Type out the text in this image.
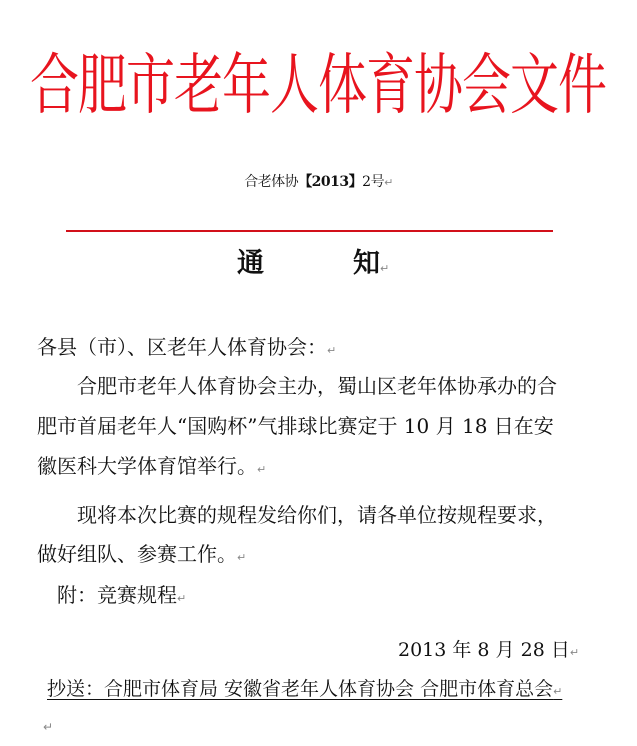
合肥市老年人体育协会文件
合老体协【2013】2号↵
通	知↵
各县（市）、区老年人体育协会：↵
合肥市老年人体育协会主办，蜀山区老年体协承办的合
肥市首届老年人“国购杯”气排球比赛定于 10 月 18 日在安
徽医科大学体育馆举行。↵
现将本次比赛的规程发给你们，请各单位按规程要求，
做好组队、参赛工作。↵
附：竞赛规程↵
2013 年 8 月 28 日↵
抄送：合肥市体育局 安徽省老年人体育协会 合肥市体育总会↵
↵
